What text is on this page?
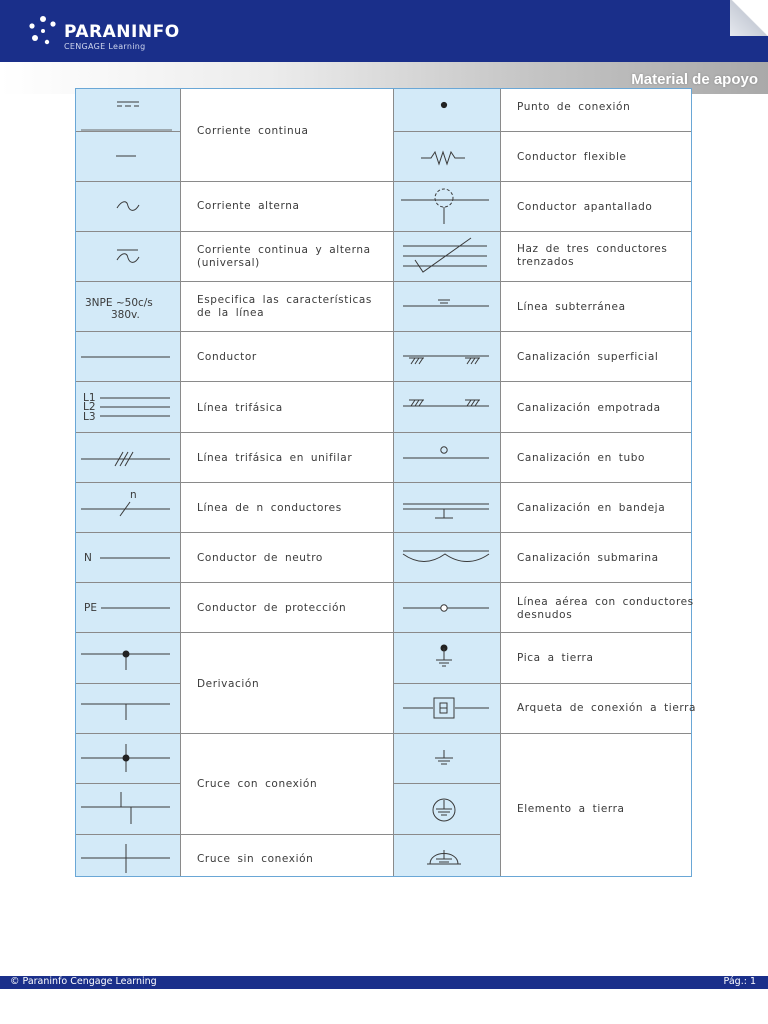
PARANINFO
CENGAGE Learning
Material de apoyo
3NPE ~50c/s
380v.
L1
L2
L3
n
N
PE
Corriente continua
Corriente alterna
Corriente continua y alterna
(universal)
Especifica las características
de la línea
Conductor
Línea trifásica
Línea trifásica en unifilar
Línea de n conductores
Conductor de neutro
Conductor de protección
Derivación
Cruce con conexión
Cruce sin conexión
Punto de conexión
Conductor flexible
Conductor apantallado
Haz de tres conductores
trenzados
Línea subterránea
Canalización superficial
Canalización empotrada
Canalización en tubo
Canalización en bandeja
Canalización submarina
Línea aérea con conductores
desnudos
Pica a tierra
Arqueta de conexión a tierra
Elemento a tierra
© Paraninfo Cengage Learning	Pág.: 1
